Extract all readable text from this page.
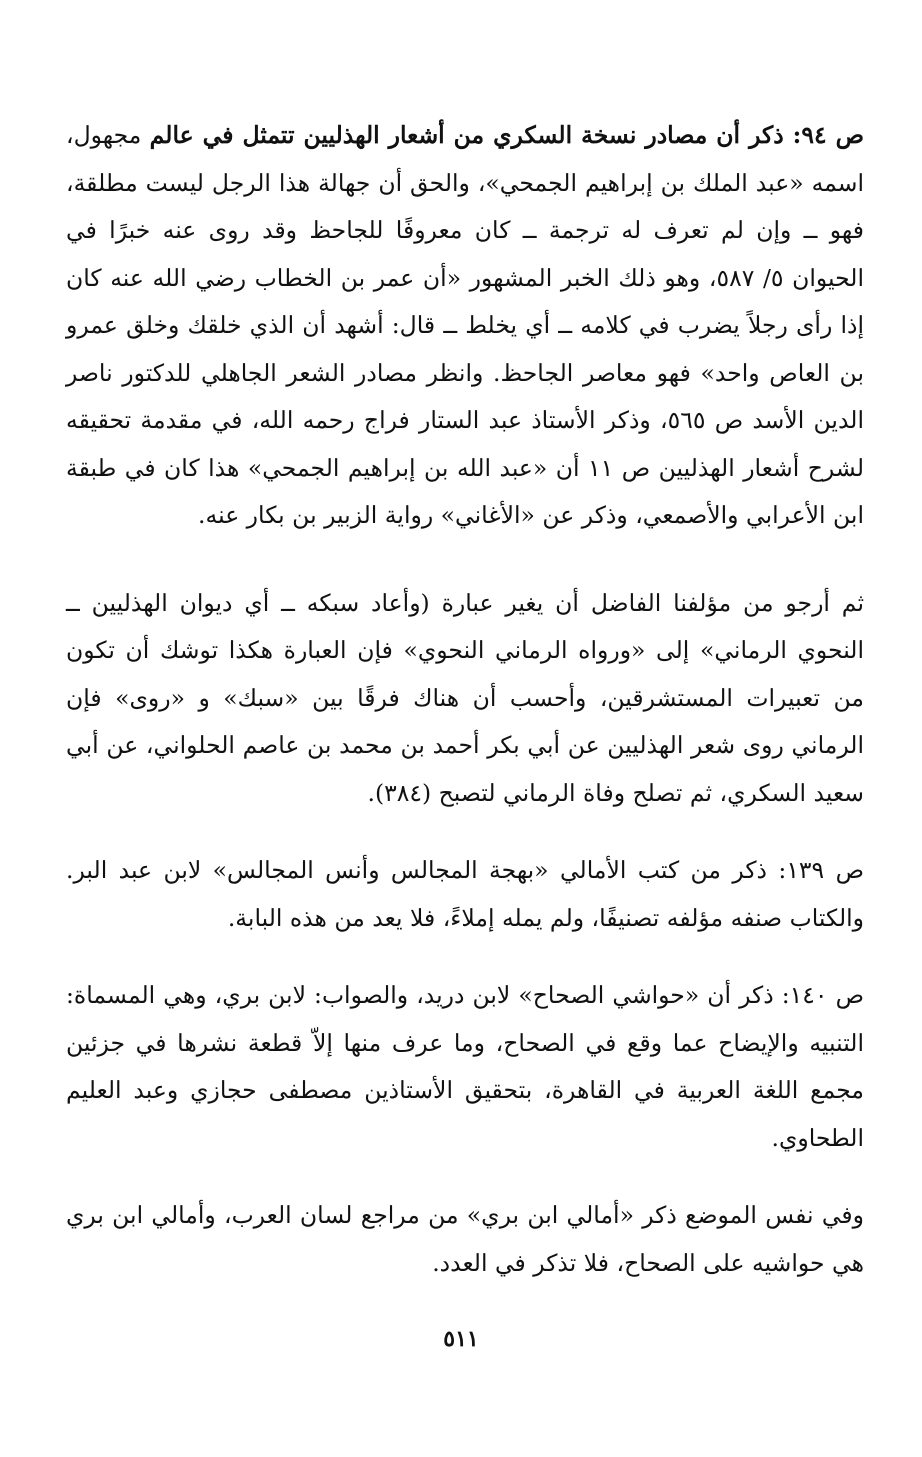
ص ٩٤: ذكر أن مصادر نسخة السكري من أشعار الهذليين تتمثل في عالم مجهول، اسمه «عبد الملك بن إبراهيم الجمحي»، والحق أن جهالة هذا الرجل ليست مطلقة، فهو ــ وإن لم تعرف له ترجمة ــ كان معروفًا للجاحظ وقد روى عنه خبرًا في الحيوان ٥/ ٥٨٧، وهو ذلك الخبر المشهور «أن عمر بن الخطاب رضي الله عنه كان إذا رأى رجلاً يضرب في كلامه ــ أي يخلط ــ قال: أشهد أن الذي خلقك وخلق عمرو بن العاص واحد» فهو معاصر الجاحظ. وانظر مصادر الشعر الجاهلي للدكتور ناصر الدين الأسد ص ٥٦٥، وذكر الأستاذ عبد الستار فراج رحمه الله، في مقدمة تحقيقه لشرح أشعار الهذليين ص ١١ أن «عبد الله بن إبراهيم الجمحي» هذا كان في طبقة ابن الأعرابي والأصمعي، وذكر عن «الأغاني» رواية الزبير بن بكار عنه.

ثم أرجو من مؤلفنا الفاضل أن يغير عبارة (وأعاد سبكه ــ أي ديوان الهذليين ــ النحوي الرماني» إلى «ورواه الرماني النحوي» فإن العبارة هكذا توشك أن تكون من تعبيرات المستشرقين، وأحسب أن هناك فرقًا بين «سبك» و «روى» فإن الرماني روى شعر الهذليين عن أبي بكر أحمد بن محمد بن عاصم الحلواني، عن أبي سعيد السكري، ثم تصلح وفاة الرماني لتصبح (٣٨٤).

ص ١٣٩: ذكر من كتب الأمالي «بهجة المجالس وأنس المجالس» لابن عبد البر. والكتاب صنفه مؤلفه تصنيفًا، ولم يمله إملاءً، فلا يعد من هذه البابة.

ص ١٤٠: ذكر أن «حواشي الصحاح» لابن دريد، والصواب: لابن بري، وهي المسماة: التنبيه والإيضاح عما وقع في الصحاح، وما عرف منها إلاّ قطعة نشرها في جزئين مجمع اللغة العربية في القاهرة، بتحقيق الأستاذين مصطفى حجازي وعبد العليم الطحاوي.

وفي نفس الموضع ذكر «أمالي ابن بري» من مراجع لسان العرب، وأمالي ابن بري هي حواشيه على الصحاح، فلا تذكر في العدد.

٥١١
